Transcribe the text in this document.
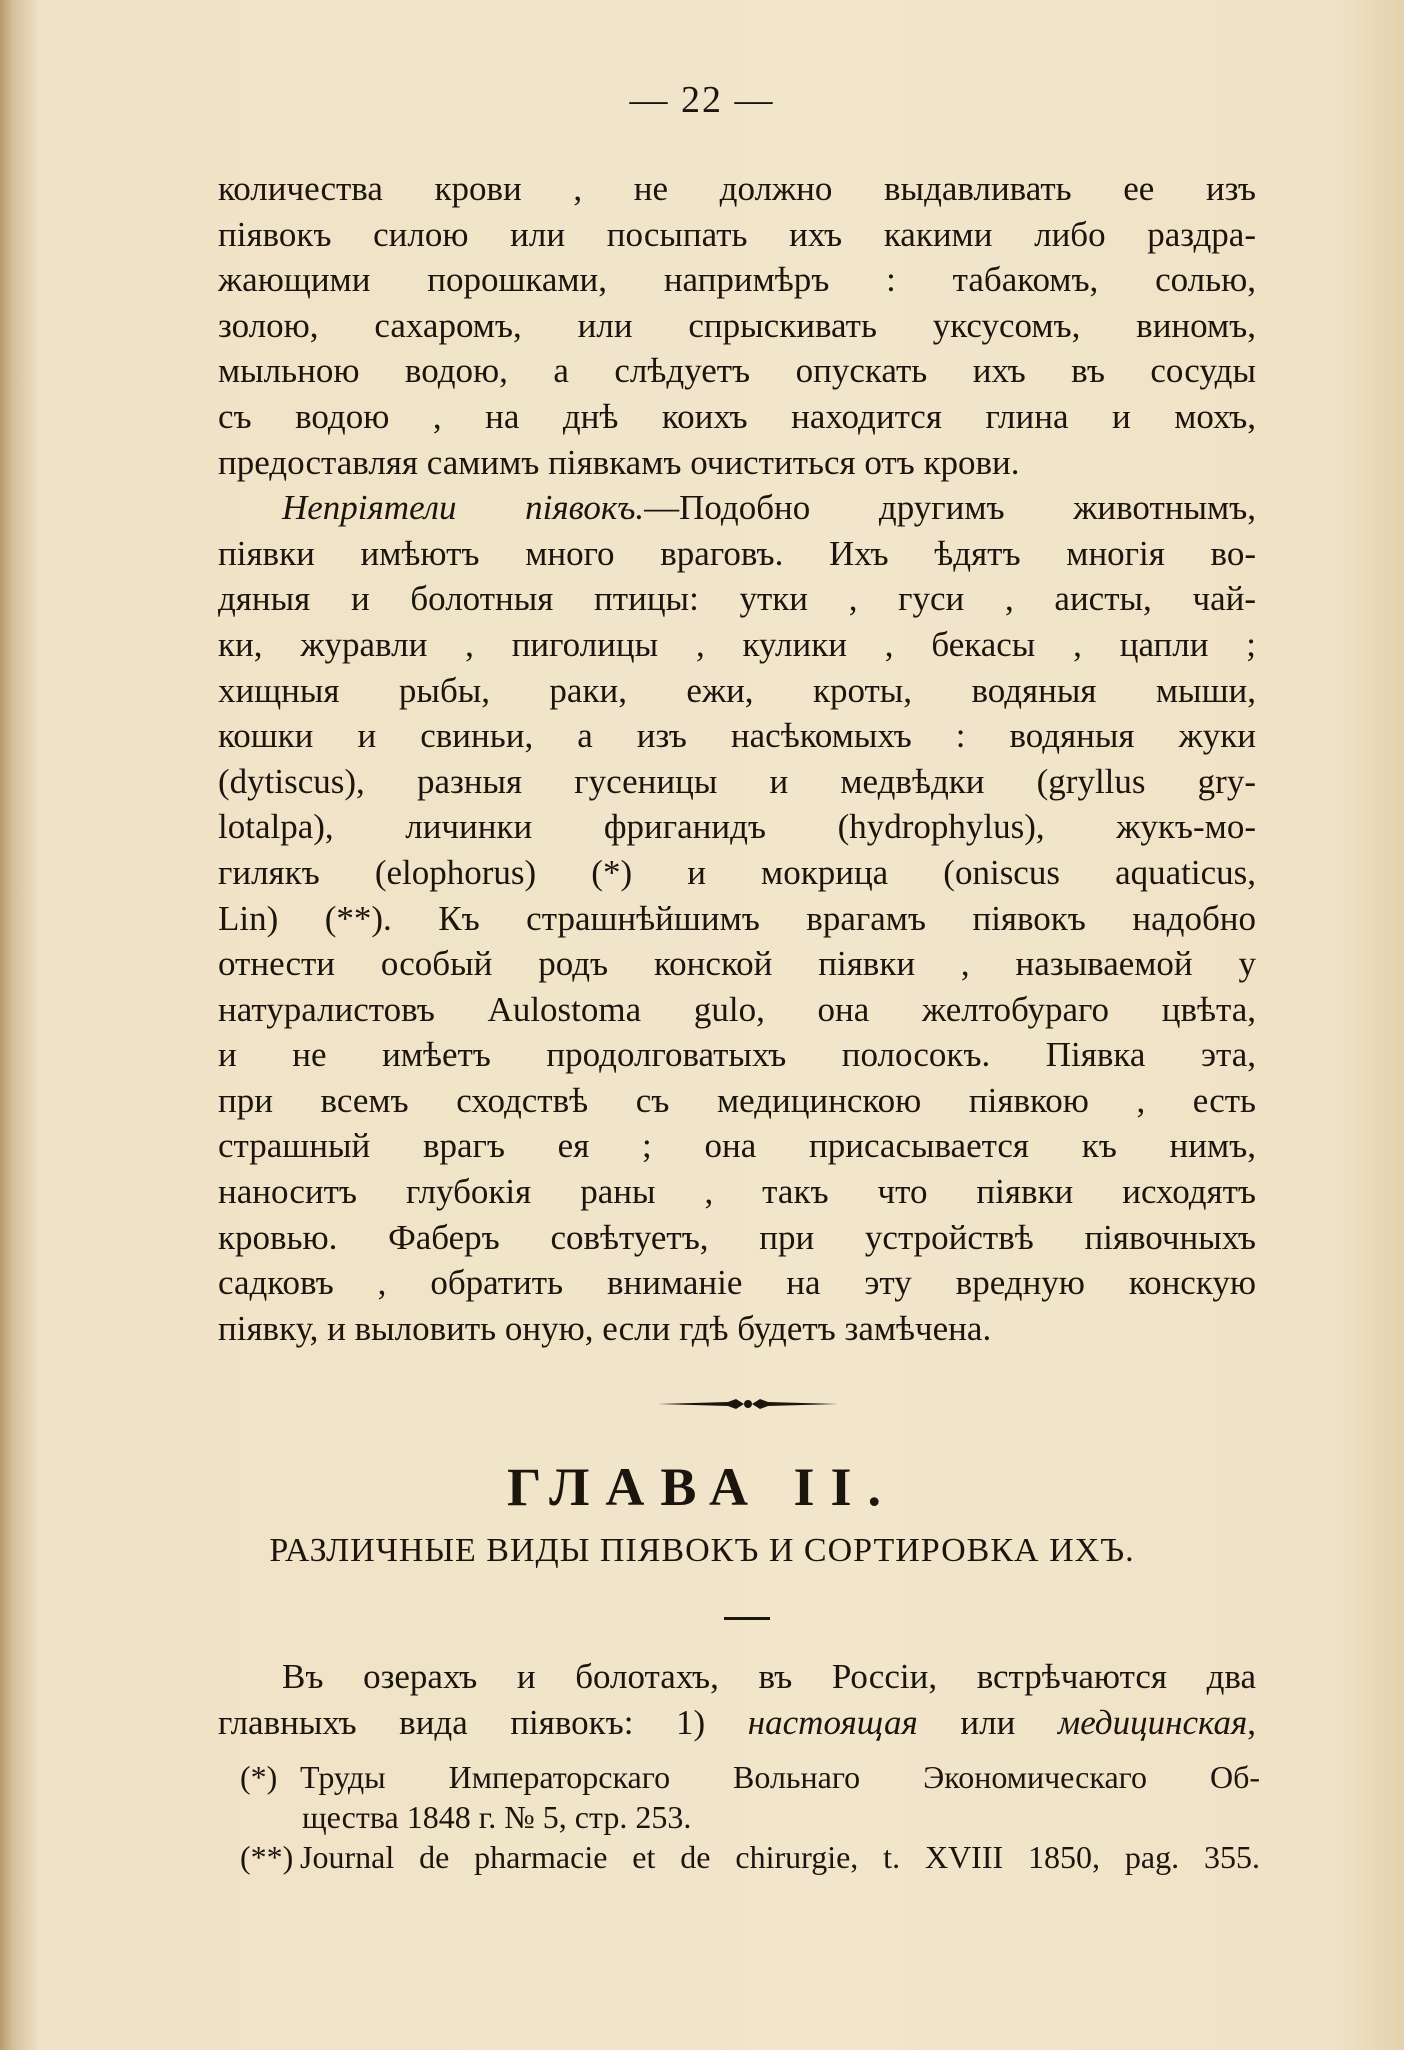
— 22 —
количества крови , не должно выдавливать ее изъ
піявокъ силою или посыпать ихъ какими либо раздра-
жающими порошками, напримѣръ : табакомъ, солью,
золою, сахаромъ, или спрыскивать уксусомъ, виномъ,
мыльною водою, а слѣдуетъ опускать ихъ въ сосуды
съ водою , на днѣ коихъ находится глина и мохъ,
предоставляя самимъ піявкамъ очиститься отъ крови.
Непріятели піявокъ.—Подобно другимъ животнымъ,
піявки имѣютъ много враговъ. Ихъ ѣдятъ многія во-
дяныя и болотныя птицы: утки , гуси , аисты, чай-
ки, журавли , пиголицы , кулики , бекасы , цапли ;
хищныя рыбы, раки, ежи, кроты, водяныя мыши,
кошки и свиньи, а изъ насѣкомыхъ : водяныя жуки
(dytiscus), разныя гусеницы и медвѣдки (gryllus gry-
lotalpa), личинки фриганидъ (hydrophylus), жукъ-мо-
гилякъ (elophorus) (*) и мокрица (oniscus aquaticus,
Lin) (**). Къ страшнѣйшимъ врагамъ піявокъ надобно
отнести особый родъ конской піявки , называемой у
натуралистовъ Aulostoma gulo, она желтобураго цвѣта,
и не имѣетъ продолговатыхъ полосокъ. Піявка эта,
при всемъ сходствѣ съ медицинскою піявкою , есть
страшный врагъ ея ; она присасывается къ нимъ,
наноситъ глубокія раны , такъ что піявки исходятъ
кровью. Фаберъ совѣтуетъ, при устройствѣ піявочныхъ
садковъ , обратить вниманіе на эту вредную конскую
піявку, и выловить оную, если гдѣ будетъ замѣчена.
ГЛАВА II.
РАЗЛИЧНЫЕ ВИДЫ ПІЯВОКЪ И СОРТИРОВКА ИХЪ.
Въ озерахъ и болотахъ, въ Россіи, встрѣчаются два
главныхъ вида піявокъ: 1) настоящая или медицинская,
(*) Труды Императорскаго Вольнаго Экономическаго Об-
щества 1848 г. № 5, стр. 253.
(**) Journal de pharmacie et de chirurgie, t. XVIII 1850, pag. 355.
